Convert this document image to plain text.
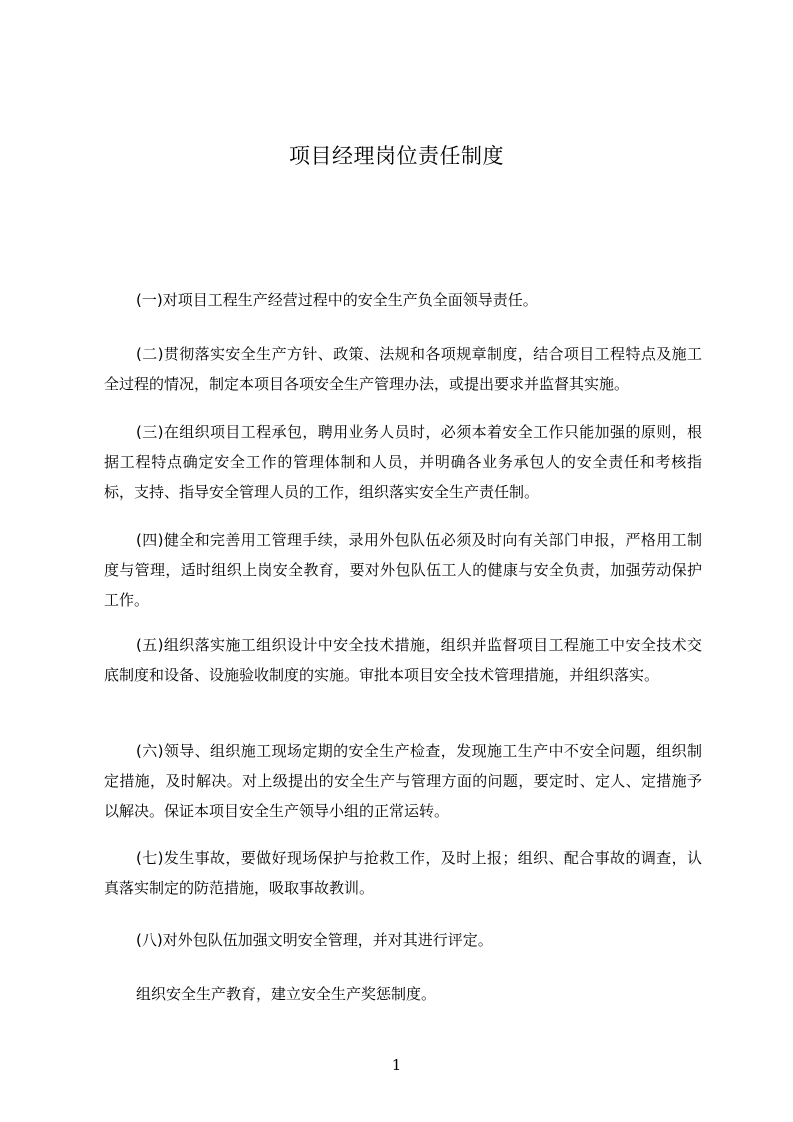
项目经理岗位责任制度

(一)对项目工程生产经营过程中的安全生产负全面领导责任。

(二)贯彻落实安全生产方针、政策、法规和各项规章制度，结合项目工程特点及施工全过程的情况，制定本项目各项安全生产管理办法，或提出要求并监督其实施。

(三)在组织项目工程承包，聘用业务人员时，必须本着安全工作只能加强的原则，根据工程特点确定安全工作的管理体制和人员，并明确各业务承包人的安全责任和考核指标，支持、指导安全管理人员的工作，组织落实安全生产责任制。

(四)健全和完善用工管理手续，录用外包队伍必须及时向有关部门申报，严格用工制度与管理，适时组织上岗安全教育，要对外包队伍工人的健康与安全负责，加强劳动保护工作。

(五)组织落实施工组织设计中安全技术措施，组织并监督项目工程施工中安全技术交底制度和设备、设施验收制度的实施。审批本项目安全技术管理措施，并组织落实。

(六)领导、组织施工现场定期的安全生产检查，发现施工生产中不安全问题，组织制定措施，及时解决。对上级提出的安全生产与管理方面的问题，要定时、定人、定措施予以解决。保证本项目安全生产领导小组的正常运转。

(七)发生事故，要做好现场保护与抢救工作，及时上报；组织、配合事故的调查，认真落实制定的防范措施，吸取事故教训。

(八)对外包队伍加强文明安全管理，并对其进行评定。

组织安全生产教育，建立安全生产奖惩制度。

1
